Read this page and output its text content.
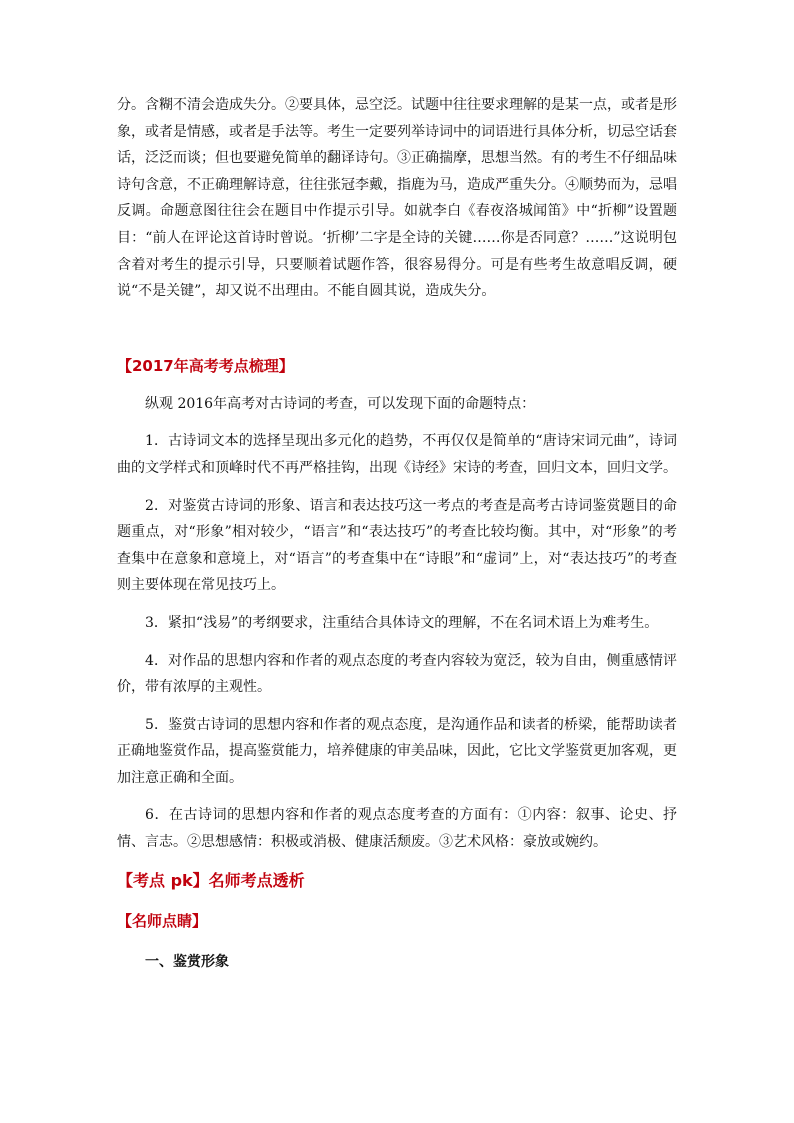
分。含糊不清会造成失分。②要具体，忌空泛。试题中往往要求理解的是某一点，或者是形象，或者是情感，或者是手法等。考生一定要列举诗词中的词语进行具体分析，切忌空话套话，泛泛而谈；但也要避免简单的翻译诗句。③正确揣摩，思想当然。有的考生不仔细品味诗句含意，不正确理解诗意，往往张冠李戴，指鹿为马，造成严重失分。④顺势而为，忌唱反调。命题意图往往会在题目中作提示引导。如就李白《春夜洛城闻笛》中“折柳”设置题目：“前人在评论这首诗时曾说。‘折柳’二字是全诗的关键……你是否同意？……”这说明包含着对考生的提示引导，只要顺着试题作答，很容易得分。可是有些考生故意唱反调，硬说“不是关键”，却又说不出理由。不能自圆其说，造成失分。

【2017年高考考点梳理】

纵观 2016年高考对古诗词的考查，可以发现下面的命题特点：

1．古诗词文本的选择呈现出多元化的趋势，不再仅仅是简单的“唐诗宋词元曲”，诗词曲的文学样式和顶峰时代不再严格挂钩，出现《诗经》宋诗的考查，回归文本，回归文学。

2．对鉴赏古诗词的形象、语言和表达技巧这一考点的考查是高考古诗词鉴赏题目的命题重点，对“形象”相对较少，“语言”和“表达技巧”的考查比较均衡。其中，对“形象”的考查集中在意象和意境上，对“语言”的考查集中在“诗眼”和“虚词”上，对“表达技巧”的考查则主要体现在常见技巧上。

3．紧扣“浅易”的考纲要求，注重结合具体诗文的理解，不在名词术语上为难考生。

4．对作品的思想内容和作者的观点态度的考查内容较为宽泛，较为自由，侧重感情评价，带有浓厚的主观性。

5．鉴赏古诗词的思想内容和作者的观点态度，是沟通作品和读者的桥梁，能帮助读者正确地鉴赏作品，提高鉴赏能力，培养健康的审美品味，因此，它比文学鉴赏更加客观，更加注意正确和全面。

6．在古诗词的思想内容和作者的观点态度考查的方面有：①内容：叙事、论史、抒情、言志。②思想感情：积极或消极、健康活颓废。③艺术风格：豪放或婉约。

【考点 pk】名师考点透析

【名师点睛】

一、鉴赏形象
